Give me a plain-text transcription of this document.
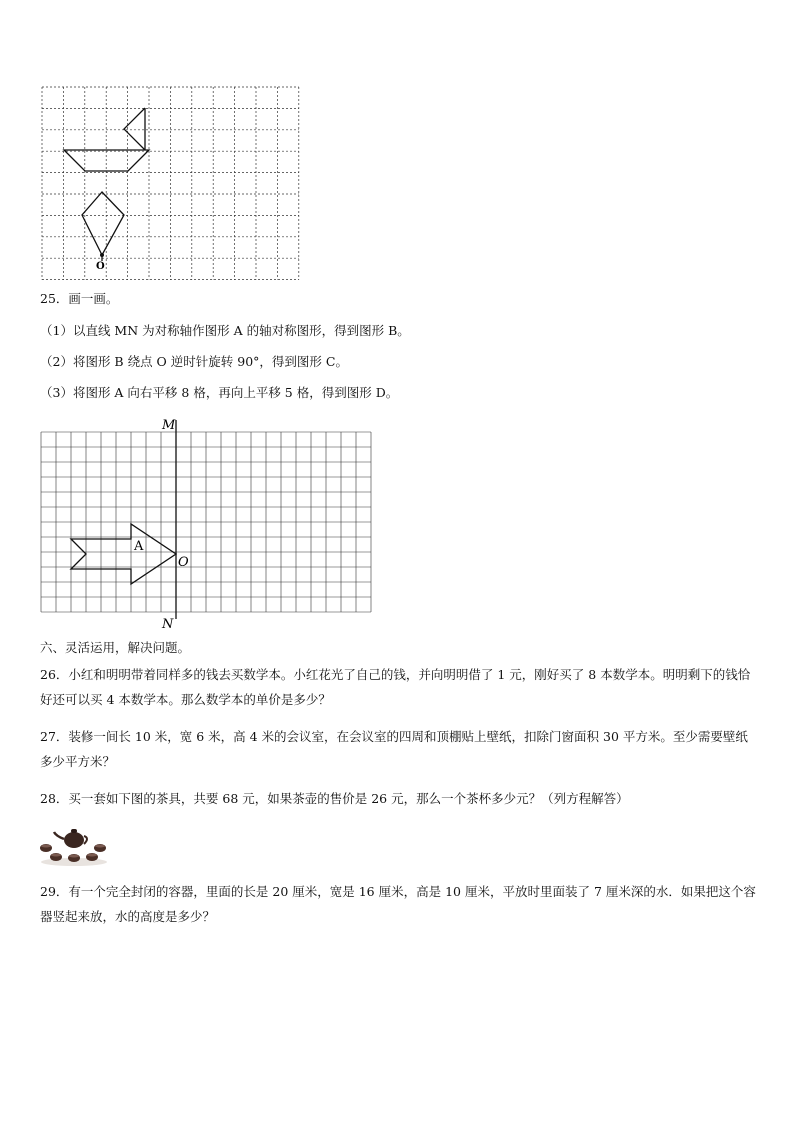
O
25．画一画。
（1）以直线 MN 为对称轴作图形 A 的轴对称图形，得到图形 B。
（2）将图形 B 绕点 O 逆时针旋转 90°，得到图形 C。
（3）将图形 A 向右平移 8 格，再向上平移 5 格，得到图形 D。
M
N
O
A
六、灵活运用，解决问题。
26．小红和明明带着同样多的钱去买数学本。小红花光了自己的钱，并向明明借了 1 元，刚好买了 8 本数学本。明明剩下的钱恰好还可以买 4 本数学本。那么数学本的单价是多少？
27．装修一间长 10 米，宽 6 米，高 4 米的会议室，在会议室的四周和顶棚贴上壁纸，扣除门窗面积 30 平方米。至少需要壁纸多少平方米？
28．买一套如下图的茶具，共要 68 元，如果茶壶的售价是 26 元，那么一个茶杯多少元？（列方程解答）
29．有一个完全封闭的容器，里面的长是 20 厘米，宽是 16 厘米，高是 10 厘米，平放时里面装了 7 厘米深的水．如果把这个容器竖起来放，水的高度是多少？
